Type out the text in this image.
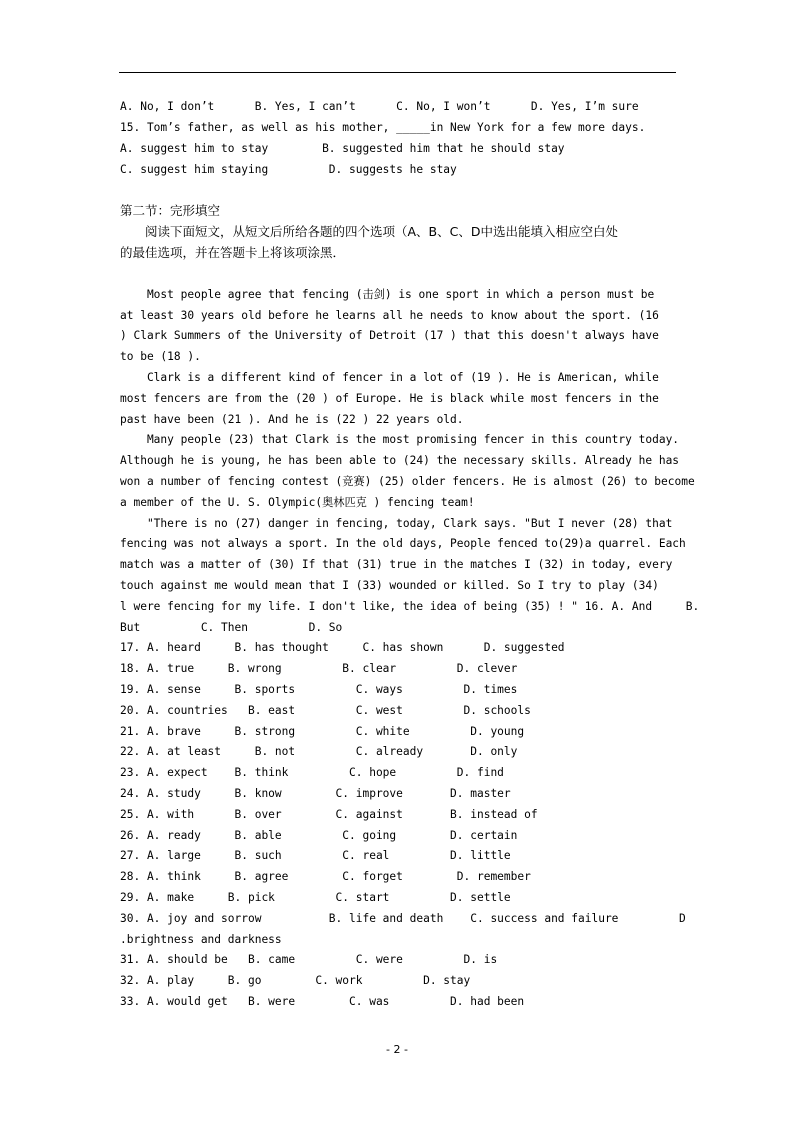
A. No, I don’t      B. Yes, I can’t      C. No, I won’t      D. Yes, I’m sure
15. Tom’s father, as well as his mother, _____in New York for a few more days.
A. suggest him to stay        B. suggested him that he should stay
C. suggest him staying         D. suggests he stay
第二节：完形填空
　　阅读下面短文，从短文后所给各题的四个选项（A、B、C、D中选出能填入相应空白处
的最佳选项，并在答题卡上将该项涂黑．
Most people agree that fencing (击剑) is one sport in which a person must be
at least 30 years old before he learns all he needs to know about the sport. (16
) Clark Summers of the University of Detroit (17 ) that this doesn't always have
to be (18 ).
Clark is a different kind of fencer in a lot of (19 ). He is American, while
most fencers are from the (20 ) of Europe. He is black while most fencers in the
past have been (21 ). And he is (22 ) 22 years old.
Many people (23) that Clark is the most promising fencer in this country today.
Although he is young, he has been able to (24) the necessary skills. Already he has
won a number of fencing contest (竞赛) (25) older fencers. He is almost (26) to become
a member of the U. S. Olympic(奥林匹克 ) fencing team!
"There is no (27) danger in fencing, today, Clark says. "But I never (28) that
fencing was not always a sport. In the old days, People fenced to(29)a quarrel. Each
match was a matter of (30) If that (31) true in the matches I (32) in today, every
touch against me would mean that I (33) wounded or killed. So I try to play (34)
l were fencing for my life. I don't like, the idea of being (35) ! " 16. A. And     B.
But         C. Then         D. So
17. A. heard     B. has thought     C. has shown      D. suggested
18. A. true     B. wrong         B. clear         D. clever
19. A. sense     B. sports         C. ways         D. times
20. A. countries   B. east         C. west         D. schools
21. A. brave     B. strong         C. white         D. young
22. A. at least     B. not         C. already       D. only
23. A. expect    B. think         C. hope         D. find
24. A. study     B. know        C. improve       D. master
25. A. with      B. over        C. against       B. instead of
26. A. ready     B. able         C. going        D. certain
27. A. large     B. such         C. real         D. little
28. A. think     B. agree        C. forget        D. remember
29. A. make     B. pick         C. start         D. settle
30. A. joy and sorrow          B. life and death    C. success and failure         D
.brightness and darkness
31. A. should be   B. came         C. were         D. is
32. A. play     B. go        C. work         D. stay
33. A. would get   B. were        C. was         D. had been
- 2 -
